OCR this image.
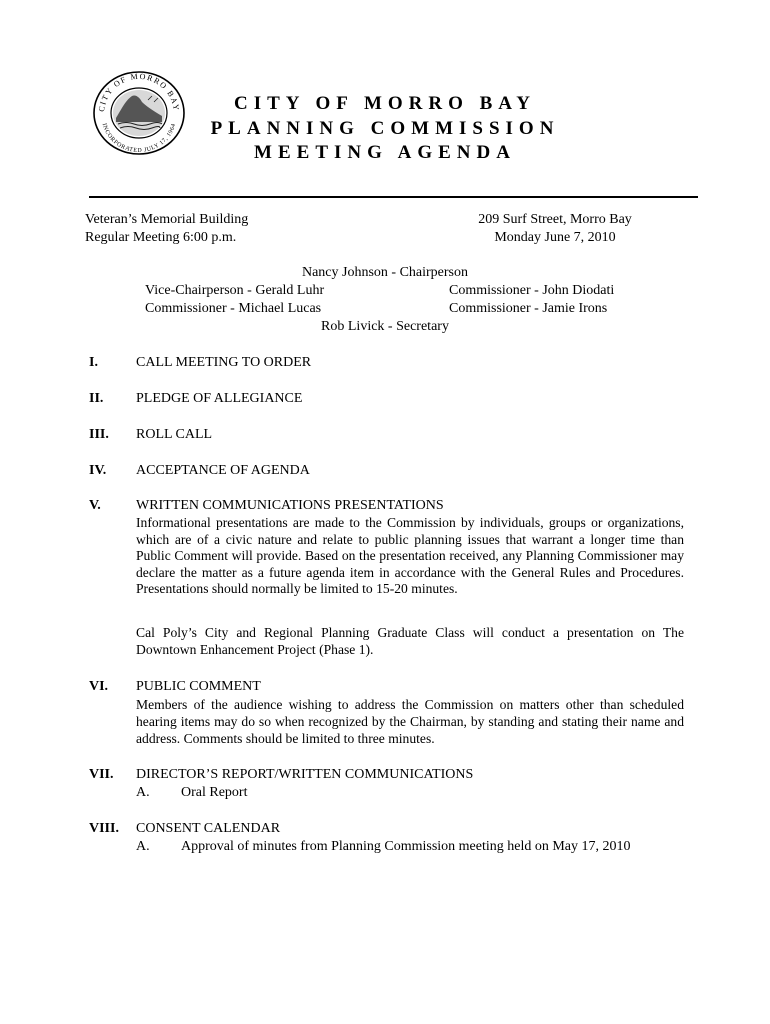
CITY OF MORRO BAY
INCORPORATED JULY 17, 1964
CITY OF MORRO BAY
PLANNING COMMISSION
MEETING AGENDA
Veteran’s Memorial Building
Regular Meeting 6:00 p.m.
209 Surf Street, Morro Bay
Monday June 7, 2010
Nancy Johnson - Chairperson
Vice-Chairperson - Gerald Luhr	Commissioner - John Diodati
Commissioner - Michael Lucas	Commissioner - Jamie Irons
Rob Livick - Secretary
I.	CALL MEETING TO ORDER
II. PLEDGE OF ALLEGIANCE
III. ROLL CALL
IV. ACCEPTANCE OF AGENDA
V.	WRITTEN COMMUNICATIONS PRESENTATIONS
Informational presentations are made to the Commission by individuals, groups or organizations, which are of a civic nature and relate to public planning issues that warrant a longer time than Public Comment will provide. Based on the presentation received, any Planning Commissioner may declare the matter as a future agenda item in accordance with the General Rules and Procedures. Presentations should normally be limited to 15-20 minutes.
Cal Poly’s City and Regional Planning Graduate Class will conduct a presentation on The Downtown Enhancement Project (Phase 1).
VI. PUBLIC COMMENT
Members of the audience wishing to address the Commission on matters other than scheduled hearing items may do so when recognized by the Chairman, by standing and stating their name and address. Comments should be limited to three minutes.
VII. DIRECTOR’S REPORT/WRITTEN COMMUNICATIONS
A. Oral Report
VIII. CONSENT CALENDAR
A. Approval of minutes from Planning Commission meeting held on May 17, 2010
